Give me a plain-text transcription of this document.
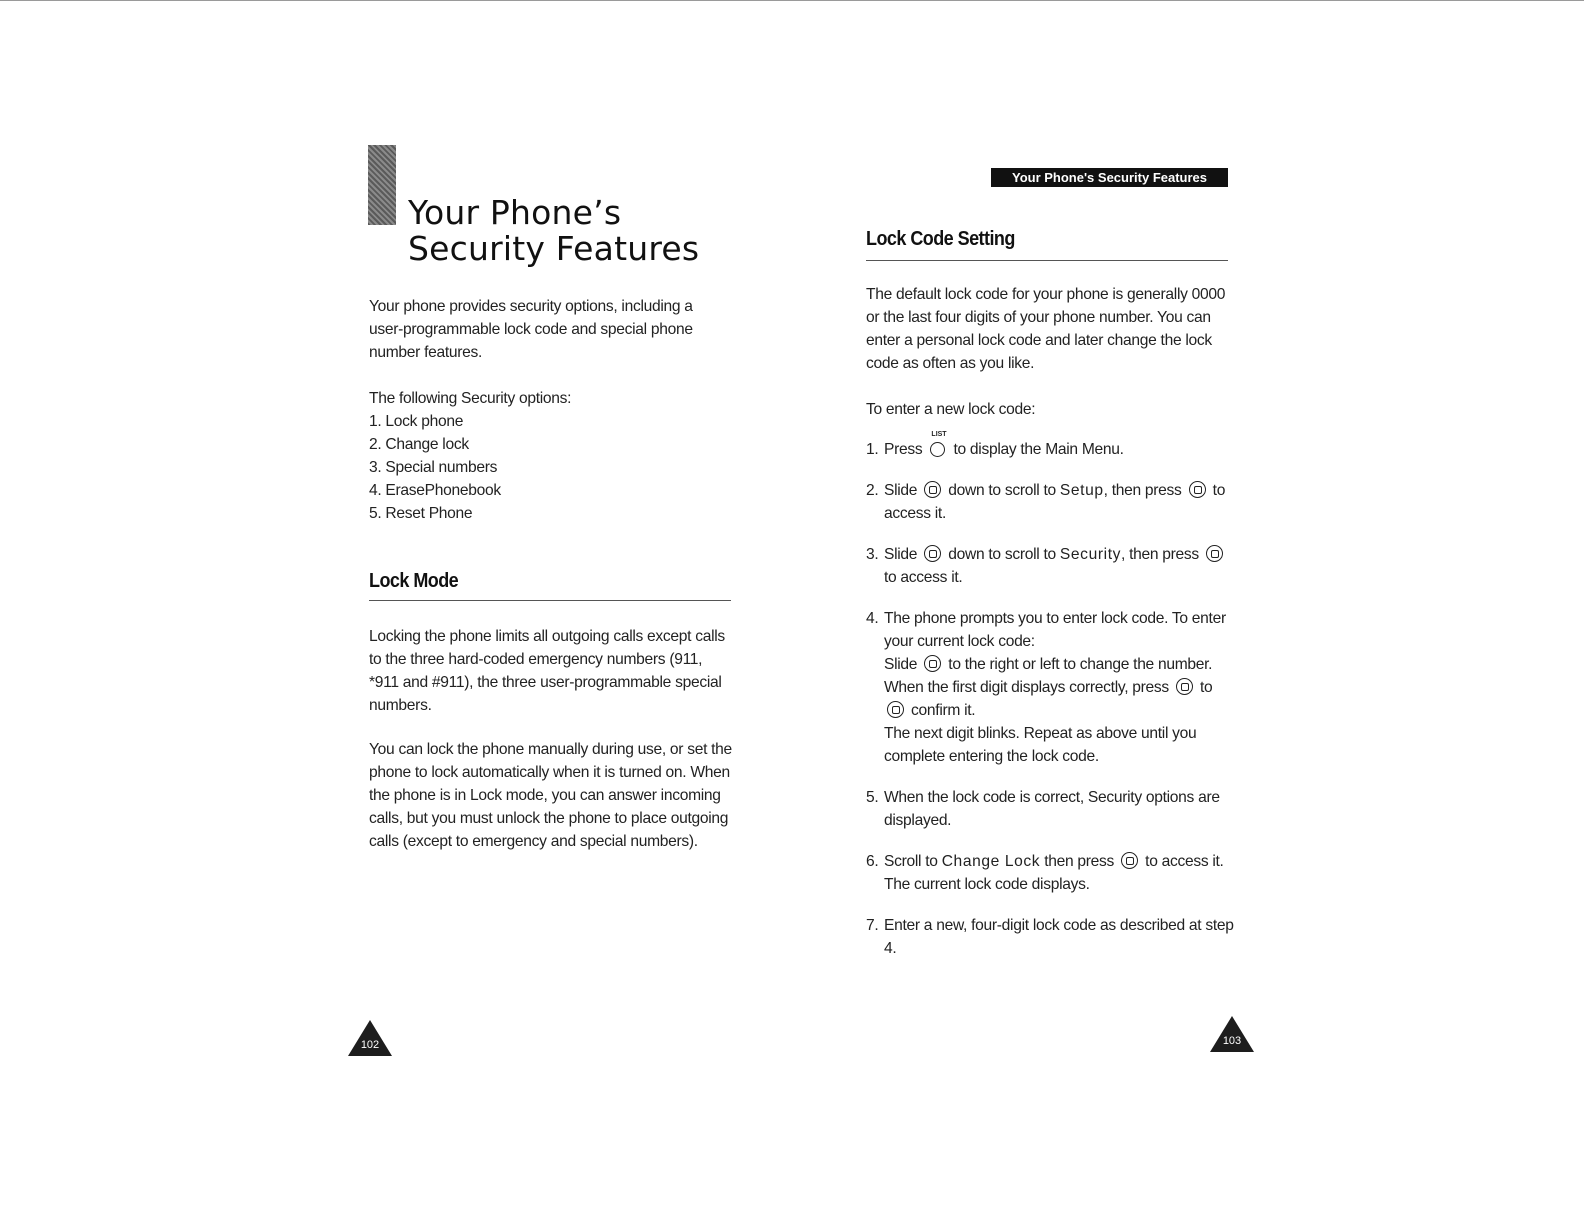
Your Phone’s
Security Features

Your phone provides security options, including a user-programmable lock code and special phone number features.

The following Security options:

1. Lock phone
2. Change lock
3. Special numbers
4. ErasePhonebook
5. Reset Phone
Lock Mode

Locking the phone limits all outgoing calls except calls to the three hard-coded emergency numbers (911, *911 and #911), the three user-programmable special numbers.

You can lock the phone manually during use, or set the phone to lock automatically when it is turned on. When the phone is in Lock mode, you can answer incoming calls, but you must unlock the phone to place outgoing calls (except to emergency and special numbers).

102
Your Phone's Security Features
Lock Code Setting

The default lock code for your phone is generally 0000 or the last four digits of your phone number. You can enter a personal lock code and later change the lock code as often as you like.

To enter a new lock code:

1. Press
LIST
to display the Main Menu.

2. Slide down to scroll to Setup, then press to access it.

3. Slide down to scroll to Security, then press  to access it.

4. The phone prompts you to enter lock code. To enter your current lock code:

Slide to the right or left to change the number.

When the first digit displays correctly, press to  confirm it.

The next digit blinks. Repeat as above until you complete entering the lock code.

5. When the lock code is correct, Security options are displayed.

6. Scroll to Change Lock then press to access it. The current lock code displays.

7. Enter a new, four-digit lock code as described at step 4.

103
